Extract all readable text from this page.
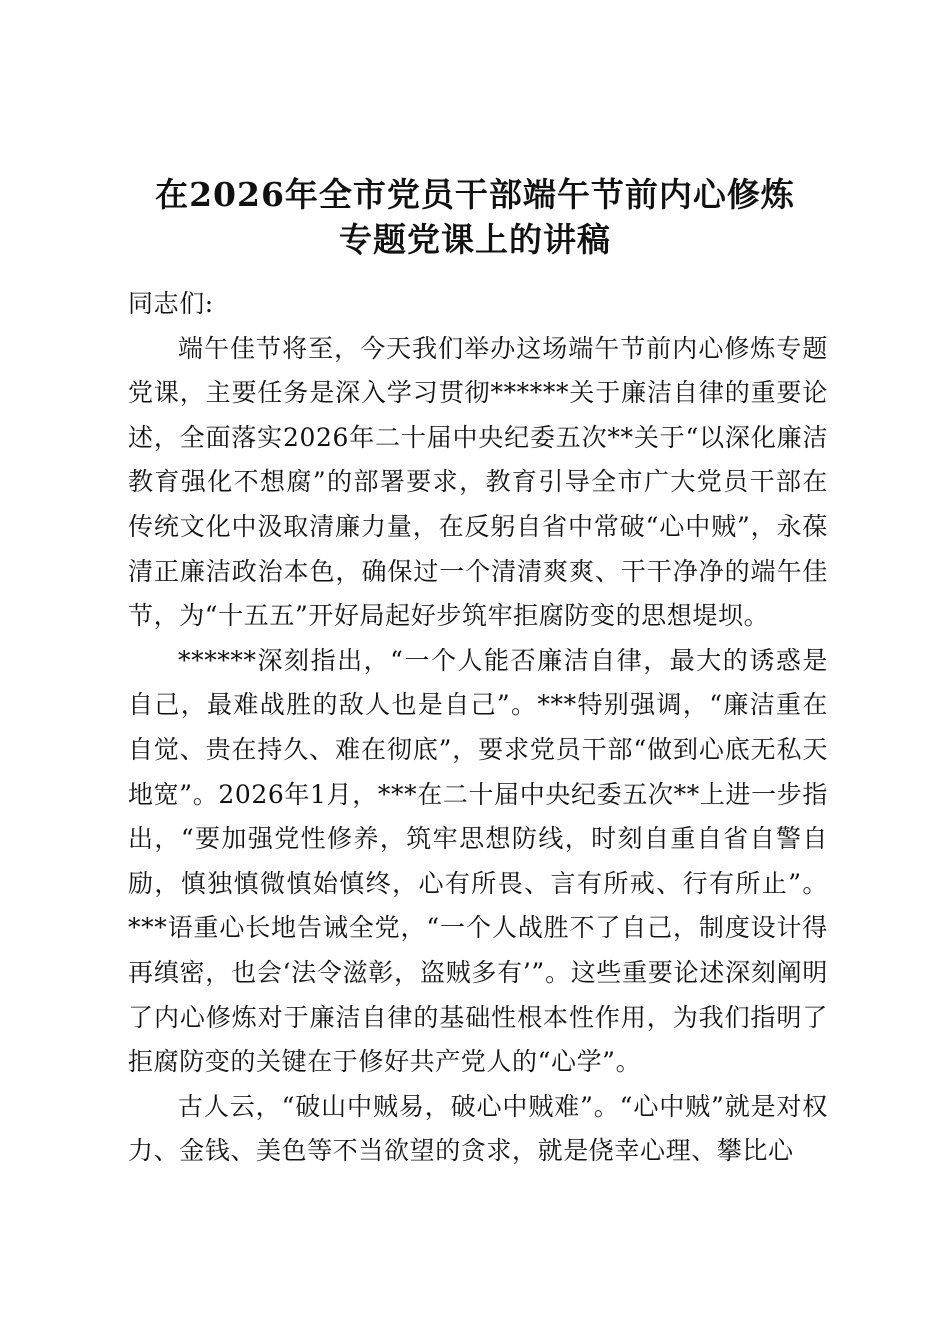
在2026年全市党员干部端午节前内心修炼
专题党课上的讲稿

同志们:

端午佳节将至，今天我们举办这场端午节前内心修炼专题党课，主要任务是深入学习贯彻******关于廉洁自律的重要论述，全面落实2026年二十届中央纪委五次**关于“以深化廉洁教育强化不想腐”的部署要求，教育引导全市广大党员干部在传统文化中汲取清廉力量，在反躬自省中常破“心中贼”，永葆清正廉洁政治本色，确保过一个清清爽爽、干干净净的端午佳节，为“十五五”开好局起好步筑牢拒腐防变的思想堤坝。

******深刻指出，“一个人能否廉洁自律，最大的诱惑是自己，最难战胜的敌人也是自己”。***特别强调，“廉洁重在自觉、贵在持久、难在彻底”，要求党员干部“做到心底无私天地宽”。2026年1月，***在二十届中央纪委五次**上进一步指出，“要加强党性修养，筑牢思想防线，时刻自重自省自警自励，慎独慎微慎始慎终，心有所畏、言有所戒、行有所止”。***语重心长地告诫全党，“一个人战胜不了自己，制度设计得再缜密，也会‘法令滋彰，盗贼多有’”。这些重要论述深刻阐明了内心修炼对于廉洁自律的基础性根本性作用，为我们指明了拒腐防变的关键在于修好共产党人的“心学”。

古人云，“破山中贼易，破心中贼难”。“心中贼”就是对权力、金钱、美色等不当欲望的贪求，就是侥幸心理、攀比心
